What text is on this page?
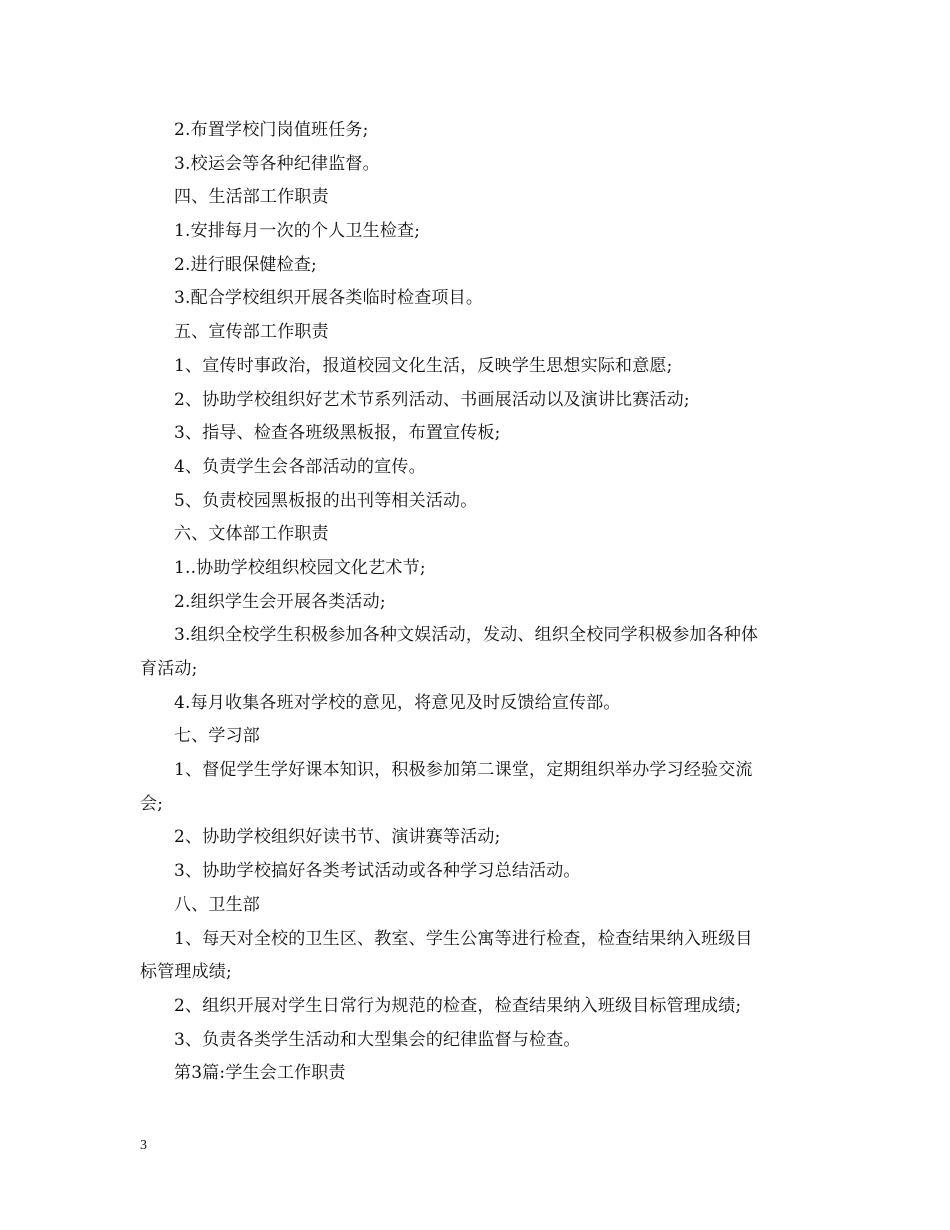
2.布置学校门岗值班任务;
3.校运会等各种纪律监督。
四、生活部工作职责
1.安排每月一次的个人卫生检查;
2.进行眼保健检查;
3.配合学校组织开展各类临时检查项目。
五、宣传部工作职责
1、宣传时事政治，报道校园文化生活，反映学生思想实际和意愿;
2、协助学校组织好艺术节系列活动、书画展活动以及演讲比赛活动;
3、指导、检查各班级黑板报，布置宣传板;
4、负责学生会各部活动的宣传。
5、负责校园黑板报的出刊等相关活动。
六、文体部工作职责
1..协助学校组织校园文化艺术节;
2.组织学生会开展各类活动;
3.组织全校学生积极参加各种文娱活动，发动、组织全校同学积极参加各种体
育活动;
4.每月收集各班对学校的意见，将意见及时反馈给宣传部。
七、学习部
1、督促学生学好课本知识，积极参加第二课堂，定期组织举办学习经验交流
会;
2、协助学校组织好读书节、演讲赛等活动;
3、协助学校搞好各类考试活动或各种学习总结活动。
八、卫生部
1、每天对全校的卫生区、教室、学生公寓等进行检查，检查结果纳入班级目
标管理成绩;
2、组织开展对学生日常行为规范的检查，检查结果纳入班级目标管理成绩;
3、负责各类学生活动和大型集会的纪律监督与检查。
第3篇:学生会工作职责
3
